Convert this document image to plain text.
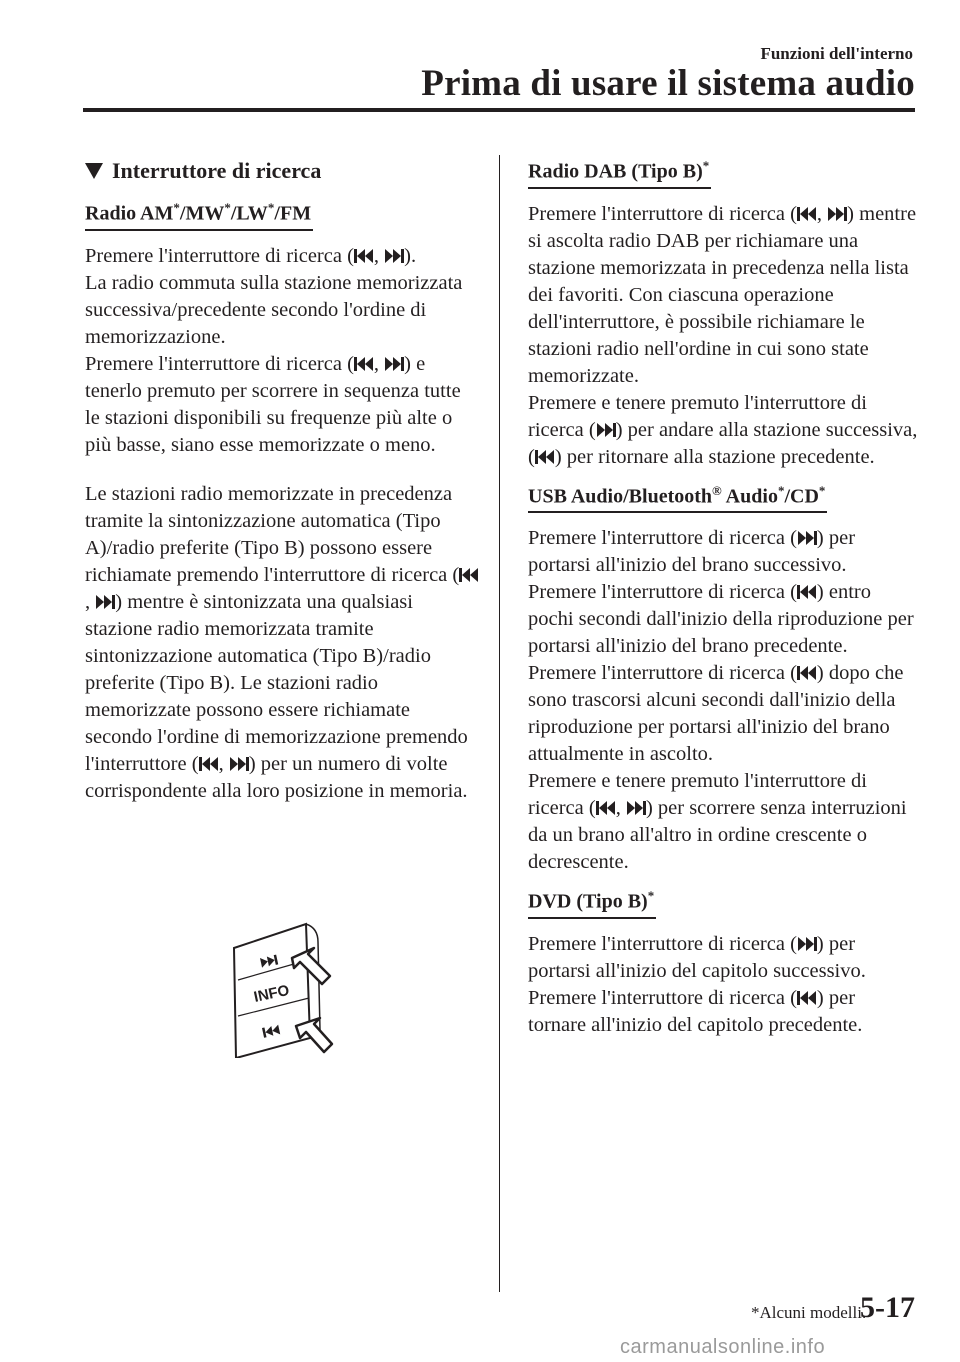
Funzioni dell'interno
Prima di usare il sistema audio
Interruttore di ricerca
Radio AM*/MW*/LW*/FM

Premere l'interruttore di ricerca ( , ).
La radio commuta sulla stazione memorizzata successiva/precedente secondo l'ordine di memorizzazione.
Premere l'interruttore di ricerca ( , ) e tenerlo premuto per scorrere in sequenza tutte le stazioni disponibili su frequenze più alte o più basse, siano esse memorizzate o meno.

Le stazioni radio memorizzate in precedenza tramite la sintonizzazione automatica (Tipo A)/radio preferite (Tipo B) possono essere richiamate premendo l'interruttore di ricerca (, ) mentre è sintonizzata una qualsiasi stazione radio memorizzata tramite sintonizzazione automatica (Tipo B)/radio preferite (Tipo B). Le stazioni radio memorizzate possono essere richiamate secondo l'ordine di memorizzazione premendo l'interruttore ( , ) per un numero di volte corrispondente alla loro posizione in memoria.

INFO
Radio DAB (Tipo B)*

Premere l'interruttore di ricerca ( , ) mentre si ascolta radio DAB per richiamare una stazione memorizzata in precedenza nella lista dei favoriti. Con ciascuna operazione dell'interruttore, è possibile richiamare le stazioni radio nell'ordine in cui sono state memorizzate.
Premere e tenere premuto l'interruttore di ricerca ( ) per andare alla stazione successiva, ( ) per ritornare alla stazione precedente.

USB Audio/Bluetooth® Audio*/CD*

Premere l'interruttore di ricerca ( ) per portarsi all'inizio del brano successivo.
Premere l'interruttore di ricerca ( ) entro pochi secondi dall'inizio della riproduzione per portarsi all'inizio del brano precedente.
Premere l'interruttore di ricerca ( ) dopo che sono trascorsi alcuni secondi dall'inizio della riproduzione per portarsi all'inizio del brano attualmente in ascolto.
Premere e tenere premuto l'interruttore di ricerca ( , ) per scorrere senza interruzioni da un brano all'altro in ordine crescente o decrescente.

DVD (Tipo B)*

Premere l'interruttore di ricerca ( ) per portarsi all'inizio del capitolo successivo.
Premere l'interruttore di ricerca ( ) per tornare all'inizio del capitolo precedente.

*Alcuni modelli.
5-17
carmanualsonline.info
